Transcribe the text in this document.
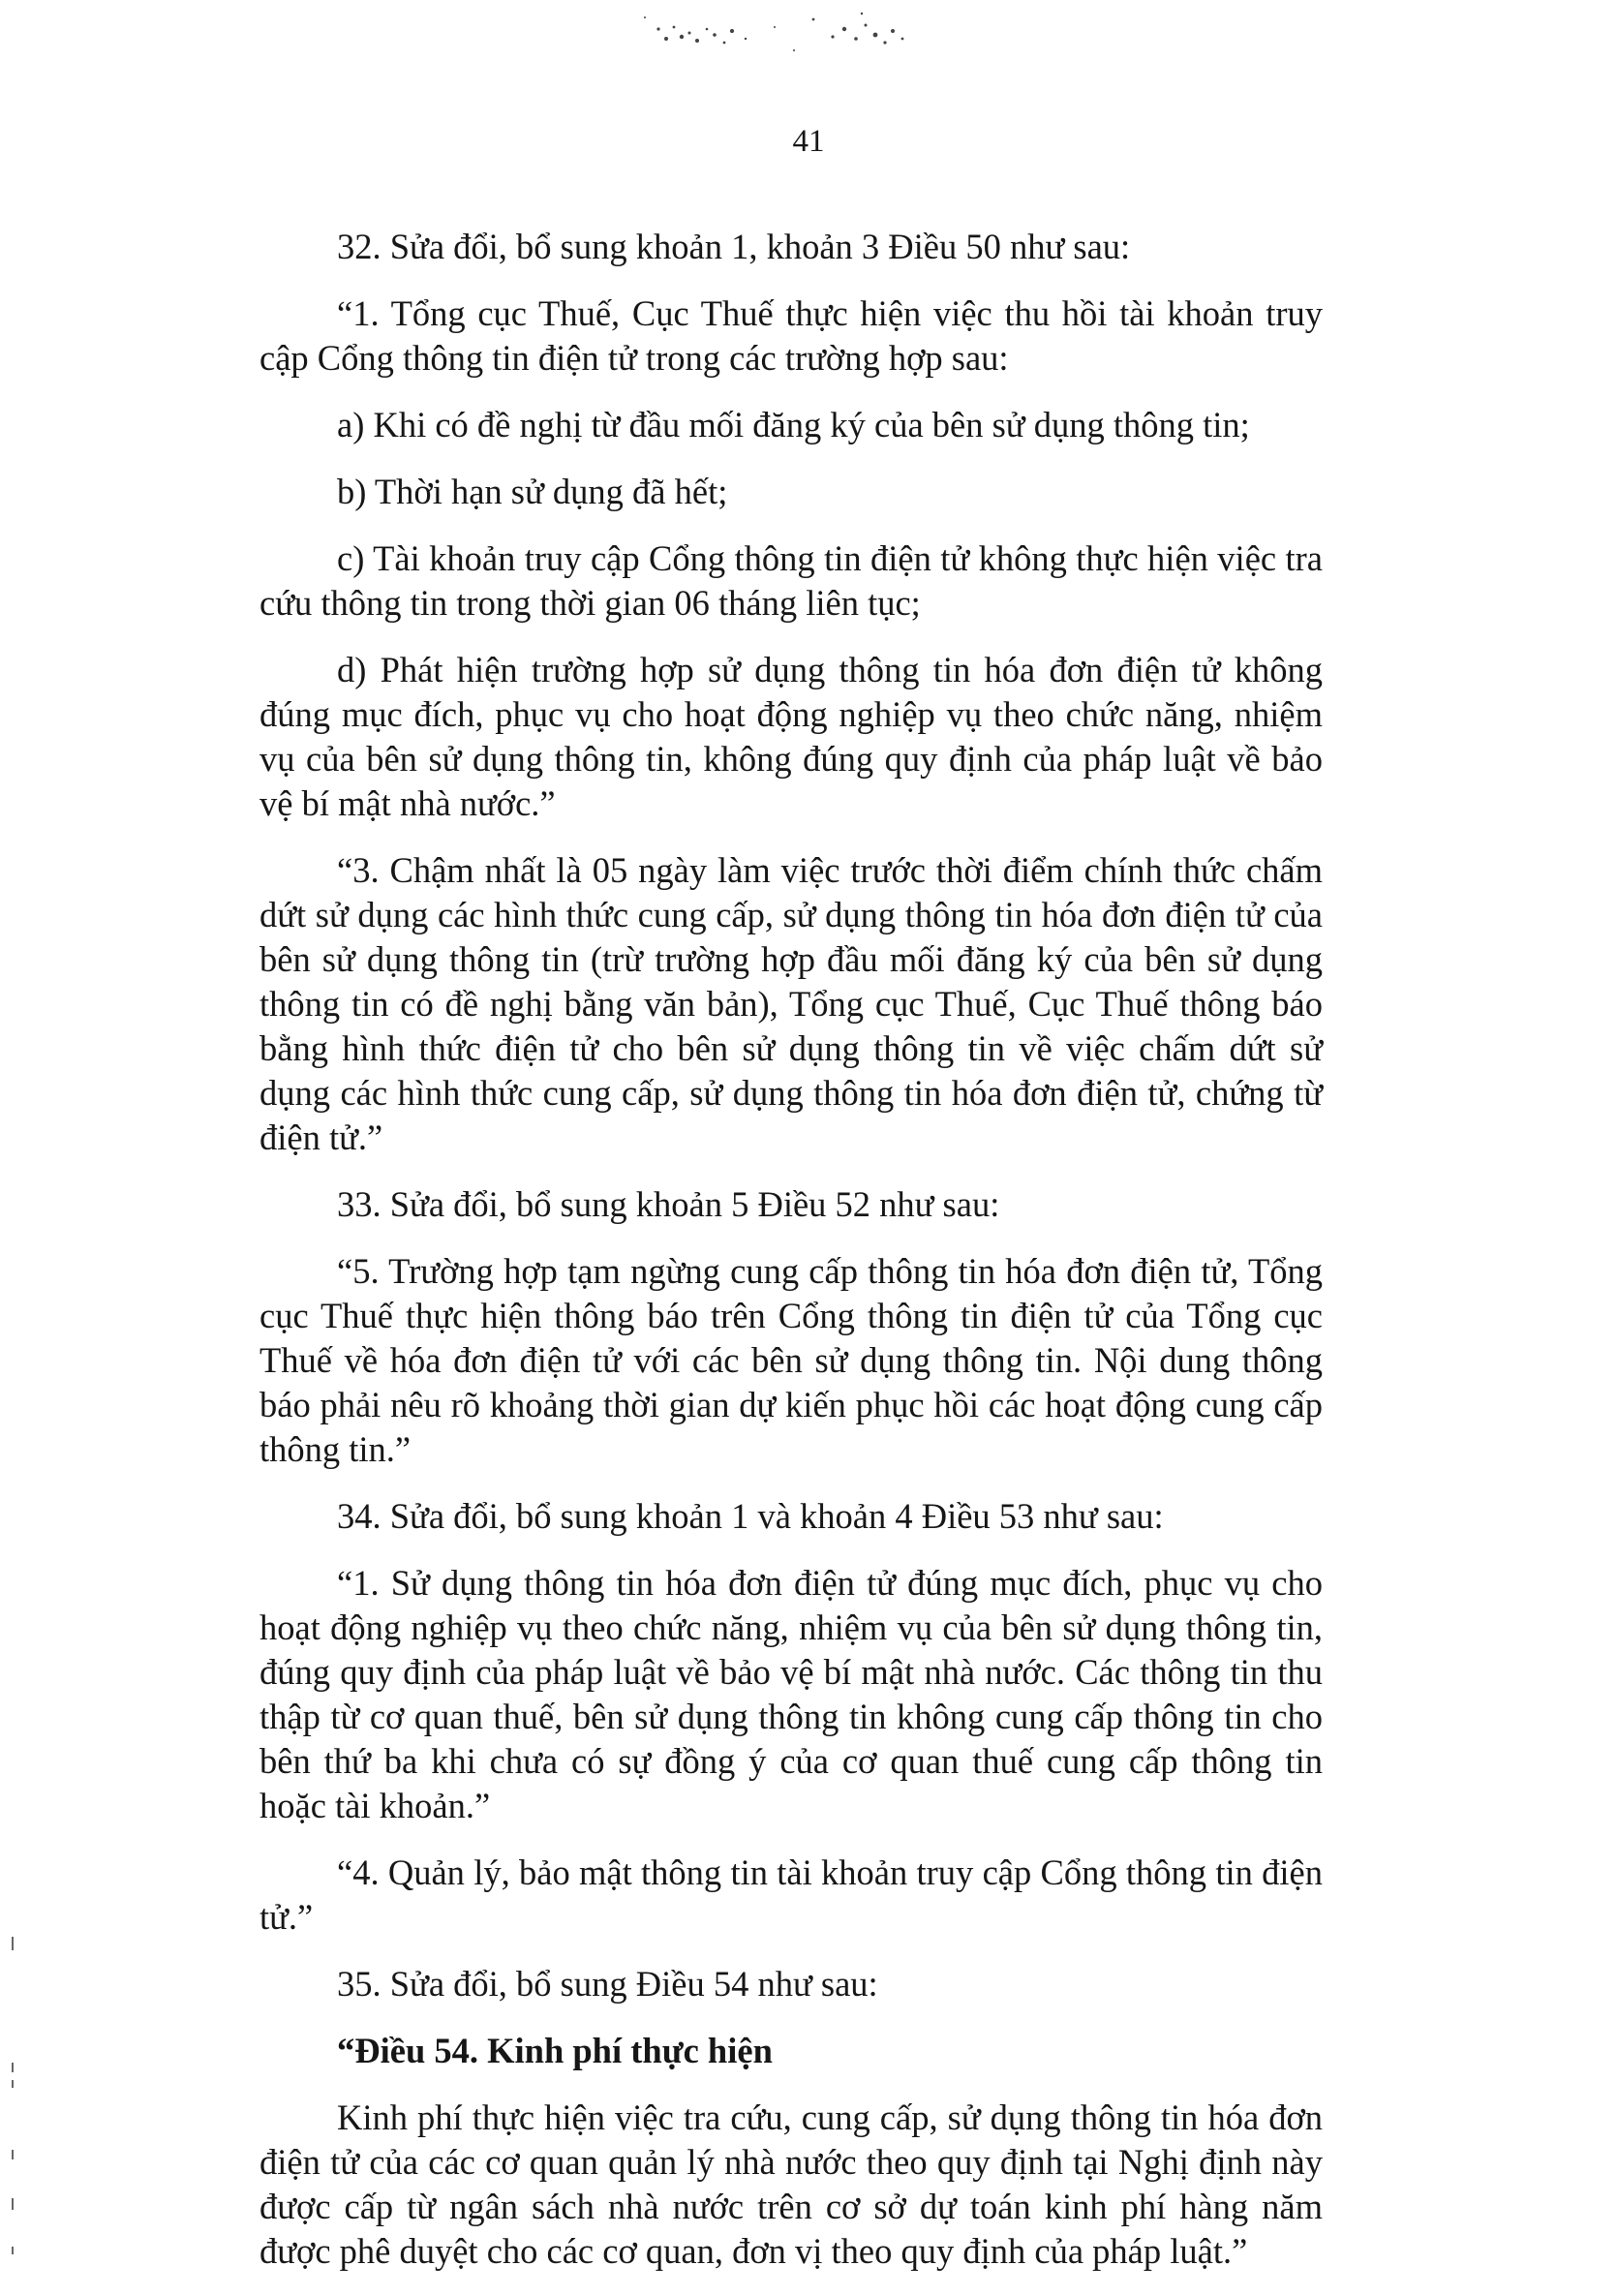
41

32. Sửa đổi, bổ sung khoản 1, khoản 3 Điều 50 như sau:

“1. Tổng cục Thuế, Cục Thuế thực hiện việc thu hồi tài khoản truy cập Cổng thông tin điện tử trong các trường hợp sau:

a) Khi có đề nghị từ đầu mối đăng ký của bên sử dụng thông tin;

b) Thời hạn sử dụng đã hết;

c) Tài khoản truy cập Cổng thông tin điện tử không thực hiện việc tra cứu thông tin trong thời gian 06 tháng liên tục;

d) Phát hiện trường hợp sử dụng thông tin hóa đơn điện tử không đúng mục đích, phục vụ cho hoạt động nghiệp vụ theo chức năng, nhiệm vụ của bên sử dụng thông tin, không đúng quy định của pháp luật về bảo vệ bí mật nhà nước.”

“3. Chậm nhất là 05 ngày làm việc trước thời điểm chính thức chấm dứt sử dụng các hình thức cung cấp, sử dụng thông tin hóa đơn điện tử của bên sử dụng thông tin (trừ trường hợp đầu mối đăng ký của bên sử dụng thông tin có đề nghị bằng văn bản), Tổng cục Thuế, Cục Thuế thông báo bằng hình thức điện tử cho bên sử dụng thông tin về việc chấm dứt sử dụng các hình thức cung cấp, sử dụng thông tin hóa đơn điện tử, chứng từ điện tử.”

33. Sửa đổi, bổ sung khoản 5 Điều 52 như sau:

“5. Trường hợp tạm ngừng cung cấp thông tin hóa đơn điện tử, Tổng cục Thuế thực hiện thông báo trên Cổng thông tin điện tử của Tổng cục Thuế về hóa đơn điện tử với các bên sử dụng thông tin. Nội dung thông báo phải nêu rõ khoảng thời gian dự kiến phục hồi các hoạt động cung cấp thông tin.”

34. Sửa đổi, bổ sung khoản 1 và khoản 4 Điều 53 như sau:

“1. Sử dụng thông tin hóa đơn điện tử đúng mục đích, phục vụ cho hoạt động nghiệp vụ theo chức năng, nhiệm vụ của bên sử dụng thông tin, đúng quy định của pháp luật về bảo vệ bí mật nhà nước. Các thông tin thu thập từ cơ quan thuế, bên sử dụng thông tin không cung cấp thông tin cho bên thứ ba khi chưa có sự đồng ý của cơ quan thuế cung cấp thông tin hoặc tài khoản.”

“4. Quản lý, bảo mật thông tin tài khoản truy cập Cổng thông tin điện tử.”

35. Sửa đổi, bổ sung Điều 54 như sau:

“Điều 54. Kinh phí thực hiện

Kinh phí thực hiện việc tra cứu, cung cấp, sử dụng thông tin hóa đơn điện tử của các cơ quan quản lý nhà nước theo quy định tại Nghị định này được cấp từ ngân sách nhà nước trên cơ sở dự toán kinh phí hàng năm được phê duyệt cho các cơ quan, đơn vị theo quy định của pháp luật.”
